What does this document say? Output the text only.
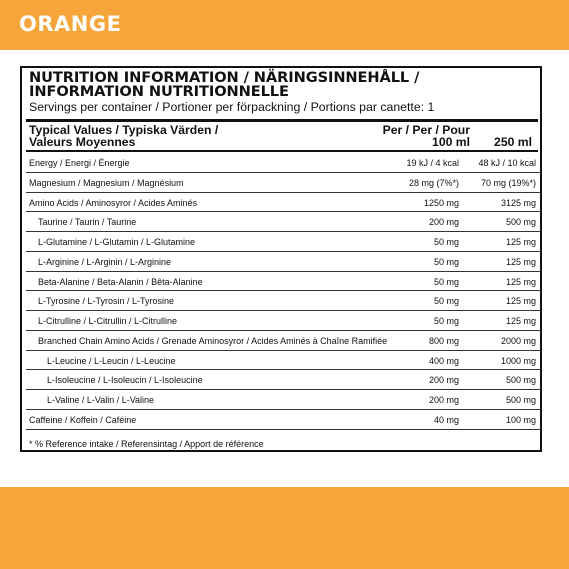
ORANGE
NUTRITION INFORMATION / NÄRINGSINNEHÅLL /
INFORMATION NUTRITIONNELLE
Servings per container / Portioner per förpackning / Portions par canette: 1
Typical Values / Typiska Värden /
Valeurs Moyennes
Per / Per / Pour
100 ml
	250 ml
Energy / Energi / Énergie	19 kJ / 4 kcal	48 kJ / 10 kcal
Magnesium / Magnesium / Magnésium	28 mg (7%*)	70 mg (19%*)
Amino Acids / Aminosyror / Acides Aminés	1250 mg	3125 mg
Taurine / Taurin / Taurine	200 mg	500 mg
L-Glutamine / L-Glutamin / L-Glutamine	50 mg	125 mg
L-Arginine / L-Arginin / L-Arginine	50 mg	125 mg
Beta-Alanine / Beta-Alanin / Bêta-Alanine	50 mg	125 mg
L-Tyrosine / L-Tyrosin / L-Tyrosine	50 mg	125 mg
L-Citrulline / L-Citrullin / L-Citrulline	50 mg	125 mg
Branched Chain Amino Acids / Grenade Aminosyror / Acides Aminés à Chaîne Ramifiée	800 mg	2000 mg
L-Leucine / L-Leucin / L-Leucine	400 mg	1000 mg
L-Isoleucine / L-Isoleucin / L-Isoleucine	200 mg	500 mg
L-Valine / L-Valin / L-Valine	200 mg	500 mg
Caffeine / Koffein / Caféine	40 mg	100 mg
* % Reference intake / Referensintag / Apport de référence
